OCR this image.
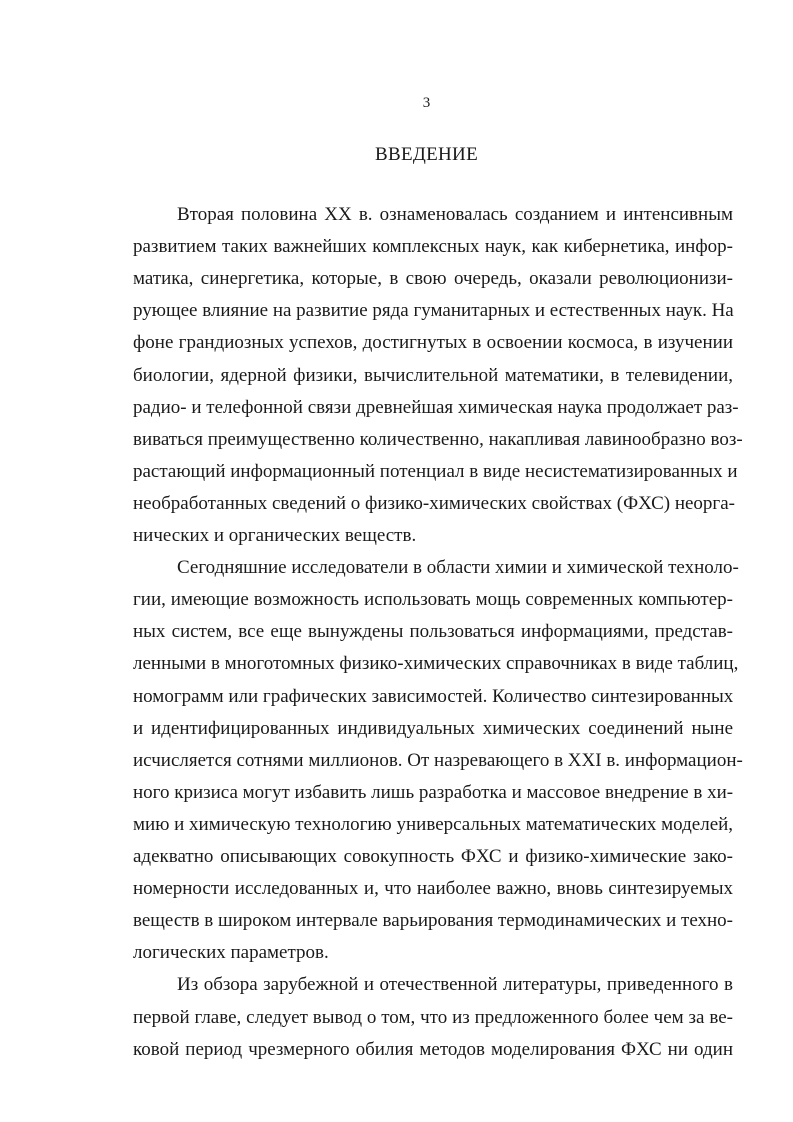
3
ВВЕДЕНИЕ
Вторая половина XX в. ознаменовалась созданием и интенсивным
развитием таких важнейших комплексных наук, как кибернетика, инфор-
матика, синергетика, которые, в свою очередь, оказали революционизи-
рующее влияние на развитие ряда гуманитарных и естественных наук. На
фоне грандиозных успехов, достигнутых в освоении космоса, в изучении
биологии, ядерной физики, вычислительной математики, в телевидении,
радио- и телефонной связи древнейшая химическая наука продолжает раз-
виваться преимущественно количественно, накапливая лавинообразно воз-
растающий информационный потенциал в виде несистематизированных и
необработанных сведений о физико-химических свойствах (ФХС) неорга-
нических и органических веществ.
Сегодняшние исследователи в области химии и химической техноло-
гии, имеющие возможность использовать мощь современных компьютер-
ных систем, все еще вынуждены пользоваться информациями, представ-
ленными в многотомных физико-химических справочниках в виде таблиц,
номограмм или графических зависимостей. Количество синтезированных
и идентифицированных индивидуальных химических соединений ныне
исчисляется сотнями миллионов. От назревающего в XXI в. информацион-
ного кризиса могут избавить лишь разработка и массовое внедрение в хи-
мию и химическую технологию универсальных математических моделей,
адекватно описывающих совокупность ФХС и физико-химические зако-
номерности исследованных и, что наиболее важно, вновь синтезируемых
веществ в широком интервале варьирования термодинамических и техно-
логических параметров.
Из обзора зарубежной и отечественной литературы, приведенного в
первой главе, следует вывод о том, что из предложенного более чем за ве-
ковой период чрезмерного обилия методов моделирования ФХС ни один
